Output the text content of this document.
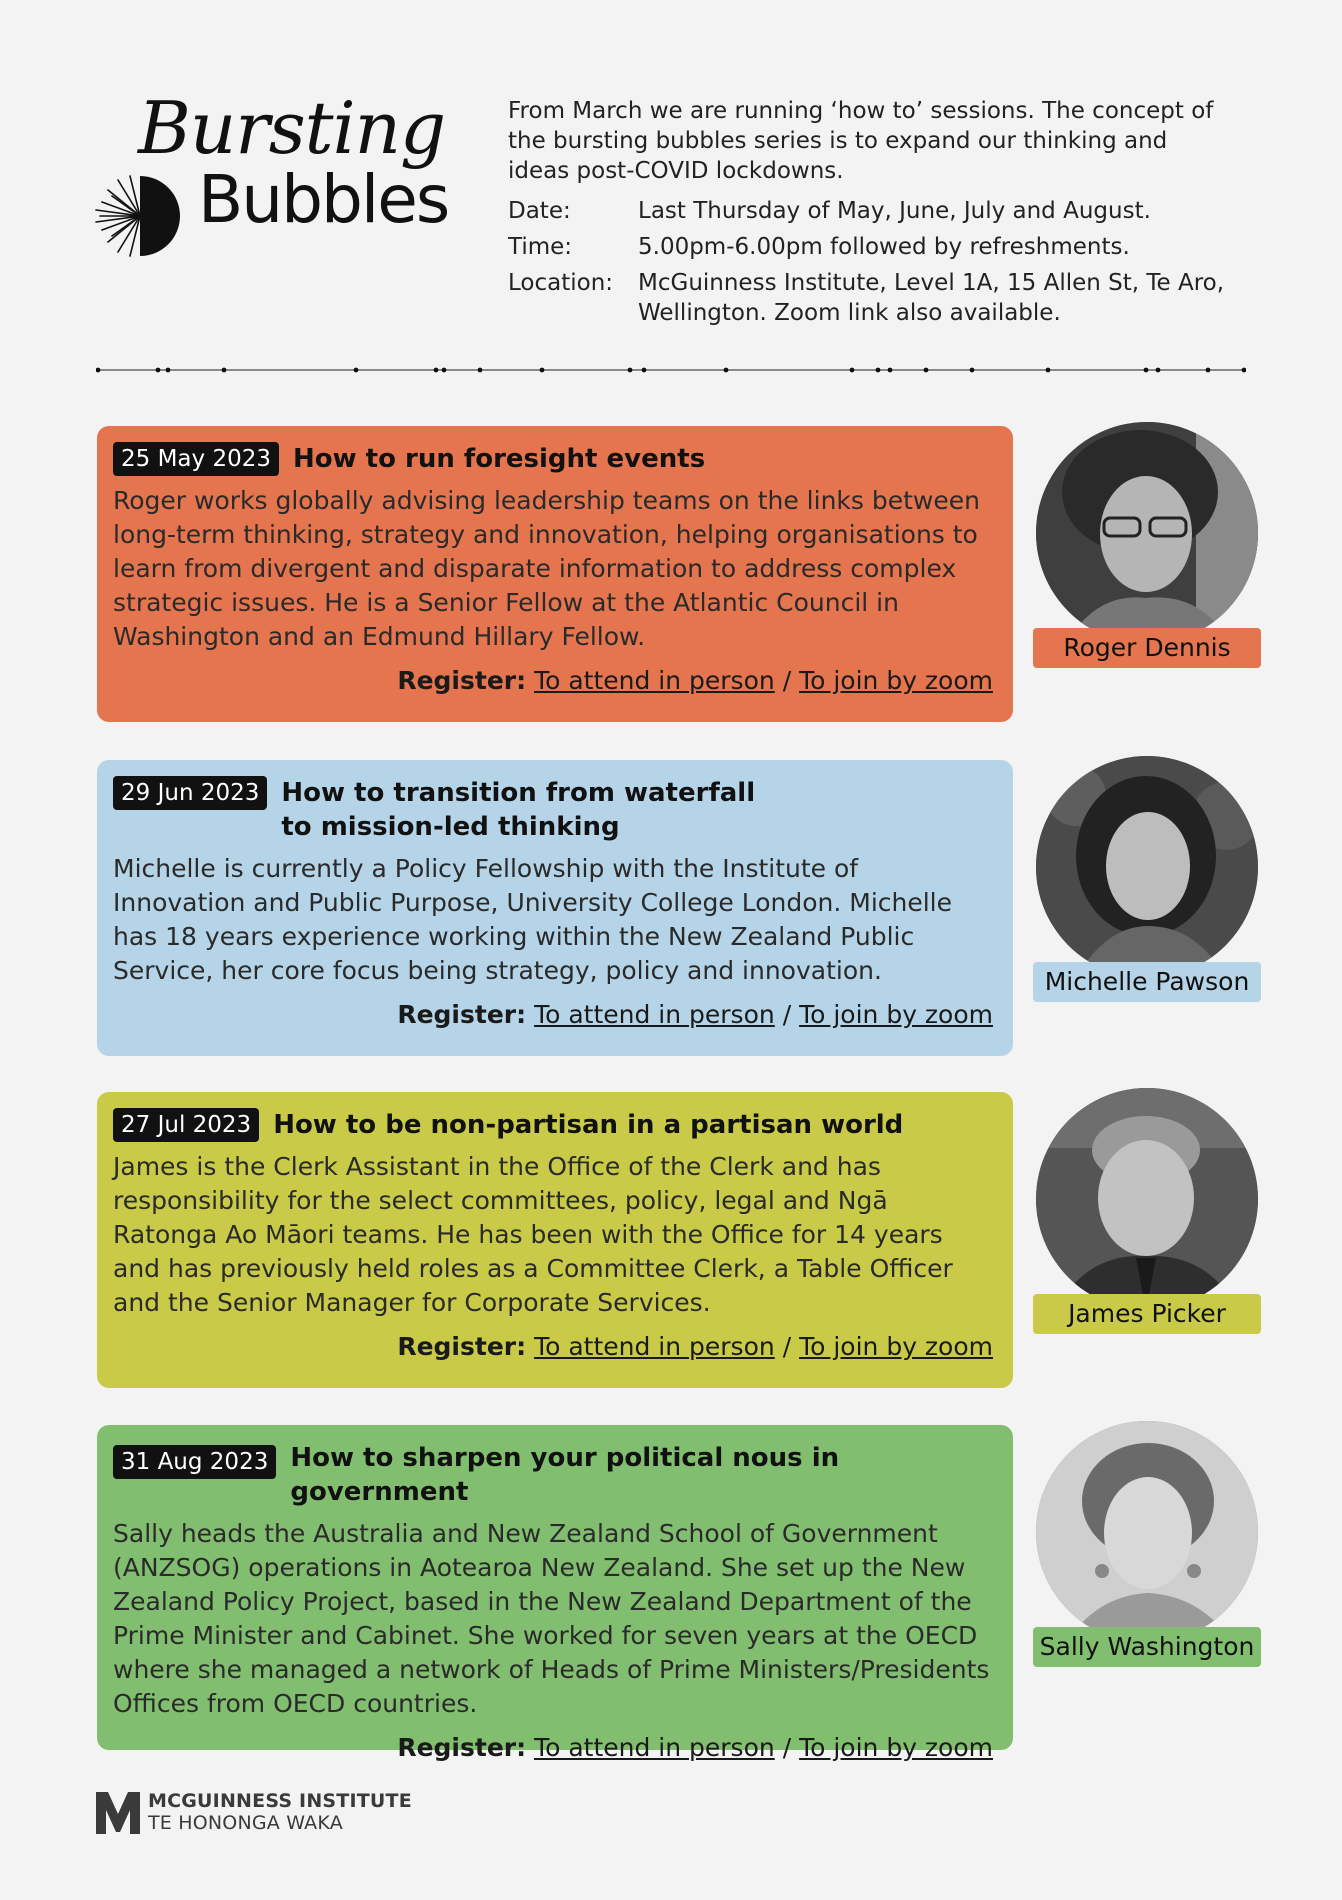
Bursting
Bubbles

From March we are running ‘how to’ sessions. The concept of the bursting bubbles series is to expand our thinking and ideas post-COVID lockdowns.

Date:	Last Thursday of May, June, July and August.
Time:	5.00pm-6.00pm followed by refreshments.
Location:	McGuinness Institute, Level 1A, 15 Allen St, Te Aro, Wellington. Zoom link also available.
25 May 2023 How to run foresight events

Roger works globally advising leadership teams on the links between long-term thinking, strategy and innovation, helping organisations to learn from divergent and disparate information to address complex strategic issues. He is a Senior Fellow at the Atlantic Council in Washington and an Edmund Hillary Fellow.

Register: To attend in person / To join by zoom
Roger Dennis
29 Jun 2023 How to transition from waterfall to mission-led thinking

Michelle is currently a Policy Fellowship with the Institute of Innovation and Public Purpose, University College London. Michelle has 18 years experience working within the New Zealand Public Service, her core focus being strategy, policy and innovation.

Register: To attend in person / To join by zoom
Michelle Pawson
27 Jul 2023 How to be non-partisan in a partisan world

James is the Clerk Assistant in the Office of the Clerk and has responsibility for the select committees, policy, legal and Ngā Ratonga Ao Māori teams. He has been with the Office for 14 years and has previously held roles as a Committee Clerk, a Table Officer and the Senior Manager for Corporate Services.

Register: To attend in person / To join by zoom
James Picker
31 Aug 2023 How to sharpen your political nous in government

Sally heads the Australia and New Zealand School of Government (ANZSOG) operations in Aotearoa New Zealand. She set up the New Zealand Policy Project, based in the New Zealand Department of the Prime Minister and Cabinet. She worked for seven years at the OECD where she managed a network of Heads of Prime Ministers/Presidents Offices from OECD countries.

Register: To attend in person / To join by zoom
Sally Washington
MCGUINNESS INSTITUTE
TE HONONGA WAKA
